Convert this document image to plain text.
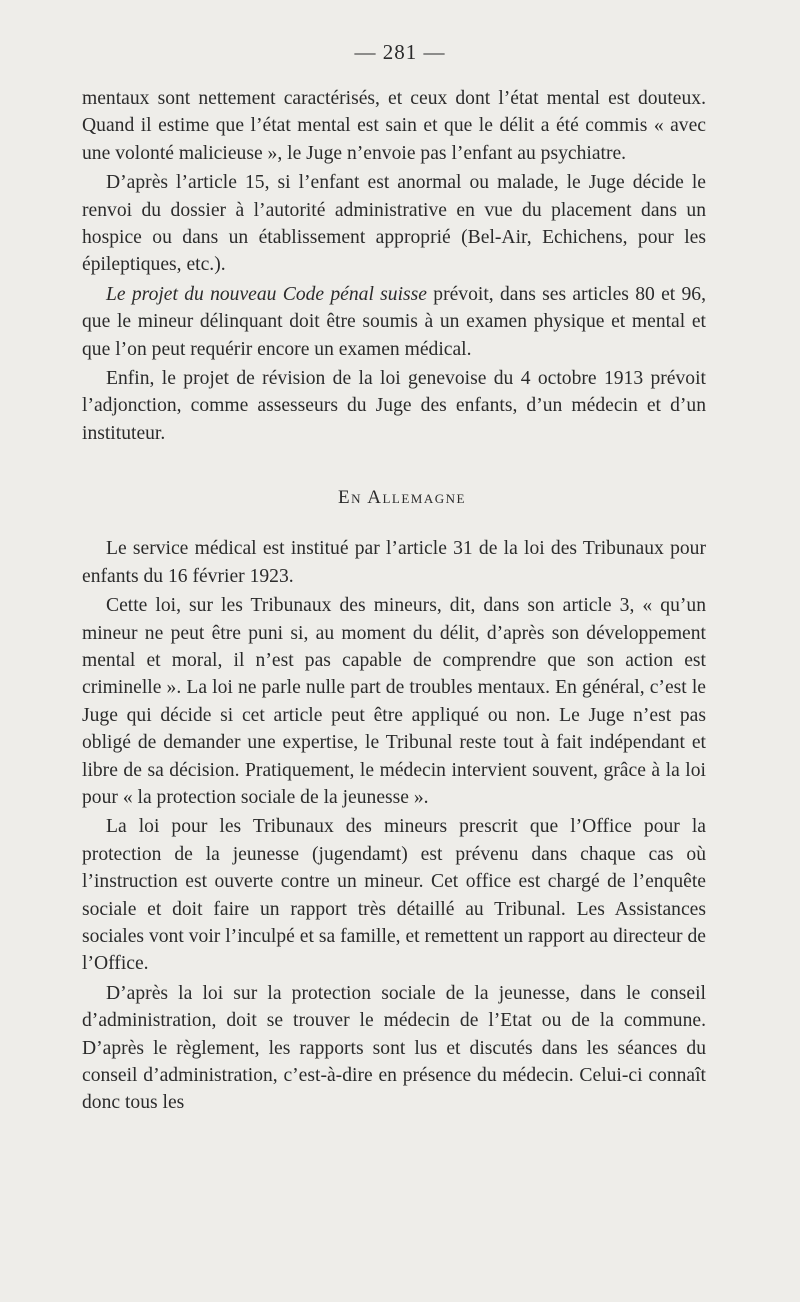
— 281 —

mentaux sont nettement caractérisés, et ceux dont l’état mental est douteux. Quand il estime que l’état mental est sain et que le délit a été commis « avec une volonté malicieuse », le Juge n’envoie pas l’enfant au psychiatre.

D’après l’article 15, si l’enfant est anormal ou malade, le Juge décide le renvoi du dossier à l’autorité administrative en vue du placement dans un hospice ou dans un établissement approprié (Bel-Air, Echichens, pour les épileptiques, etc.).

Le projet du nouveau Code pénal suisse prévoit, dans ses articles 80 et 96, que le mineur délinquant doit être soumis à un examen physique et mental et que l’on peut requérir encore un examen médical.

Enfin, le projet de révision de la loi genevoise du 4 octobre 1913 prévoit l’adjonction, comme assesseurs du Juge des enfants, d’un médecin et d’un instituteur.

En Allemagne

Le service médical est institué par l’article 31 de la loi des Tribunaux pour enfants du 16 février 1923.

Cette loi, sur les Tribunaux des mineurs, dit, dans son article 3, « qu’un mineur ne peut être puni si, au moment du délit, d’après son développement mental et moral, il n’est pas capable de comprendre que son action est criminelle ». La loi ne parle nulle part de troubles mentaux. En général, c’est le Juge qui décide si cet article peut être appliqué ou non. Le Juge n’est pas obligé de demander une expertise, le Tribunal reste tout à fait indépendant et libre de sa décision. Pratiquement, le médecin intervient souvent, grâce à la loi pour « la protection sociale de la jeunesse ».

La loi pour les Tribunaux des mineurs prescrit que l’Office pour la protection de la jeunesse (jugendamt) est prévenu dans chaque cas où l’instruction est ouverte contre un mineur. Cet office est chargé de l’enquête sociale et doit faire un rapport très détaillé au Tribunal. Les Assistances sociales vont voir l’inculpé et sa famille, et remettent un rapport au directeur de l’Office.

D’après la loi sur la protection sociale de la jeunesse, dans le conseil d’administration, doit se trouver le médecin de l’Etat ou de la commune. D’après le règlement, les rapports sont lus et discutés dans les séances du conseil d’administration, c’est-à-dire en présence du médecin. Celui-ci connaît donc tous les
